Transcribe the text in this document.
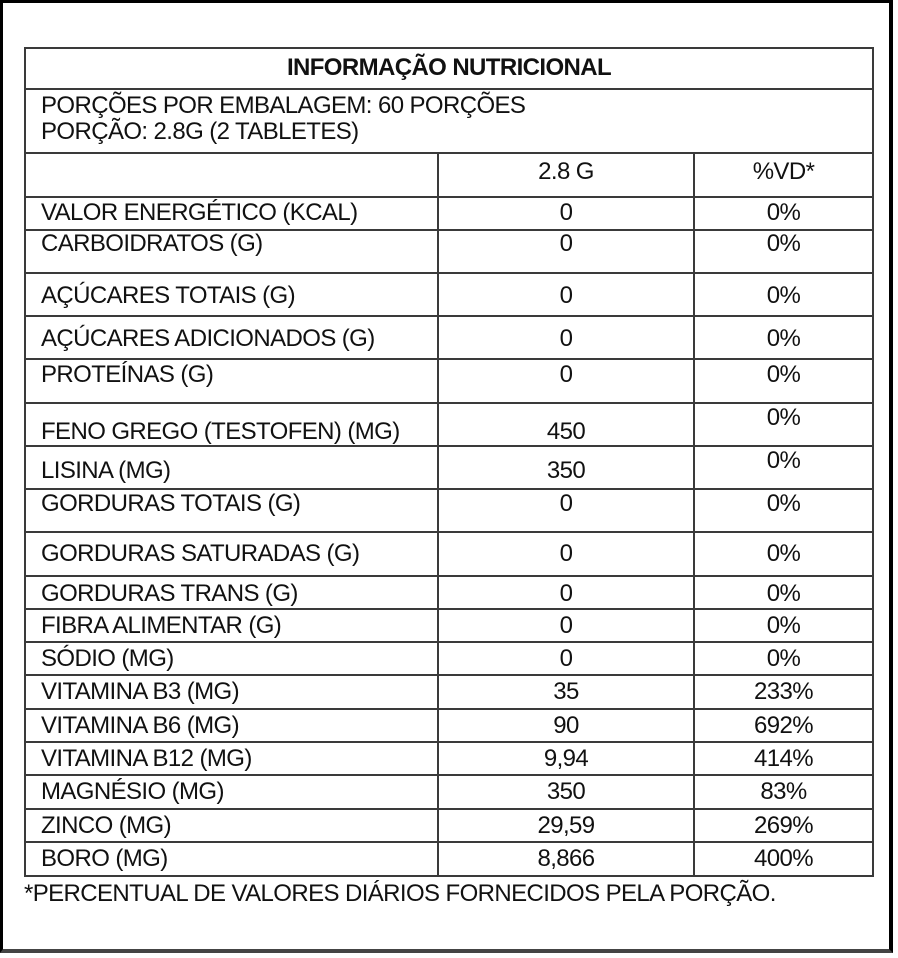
INFORMAÇÃO NUTRICIONAL		

PORÇÕES POR EMBALAGEM: 60 PORÇÕES
PORÇÃO: 2.8G (2 TABLETES)		

	2.8 G	%VD*
VALOR ENERGÉTICO (KCAL)	0	0%
CARBOIDRATOS (G)	0	0%
AÇÚCARES TOTAIS (G)	0	0%
AÇÚCARES ADICIONADOS (G)	0	0%
PROTEÍNAS (G)	0	0%
FENO GREGO (TESTOFEN) (MG)	450	0%
LISINA (MG)	350	0%
GORDURAS TOTAIS (G)	0	0%
GORDURAS SATURADAS (G)	0	0%
GORDURAS TRANS (G)	0	0%
FIBRA ALIMENTAR (G)	0	0%
SÓDIO (MG)	0	0%
VITAMINA B3 (MG)	35	233%
VITAMINA B6 (MG)	90	692%
VITAMINA B12 (MG)	9,94	414%
MAGNÉSIO (MG)	350	83%
ZINCO (MG)	29,59	269%
BORO (MG)	8,866	400%
*PERCENTUAL DE VALORES DIÁRIOS FORNECIDOS PELA PORÇÃO.
